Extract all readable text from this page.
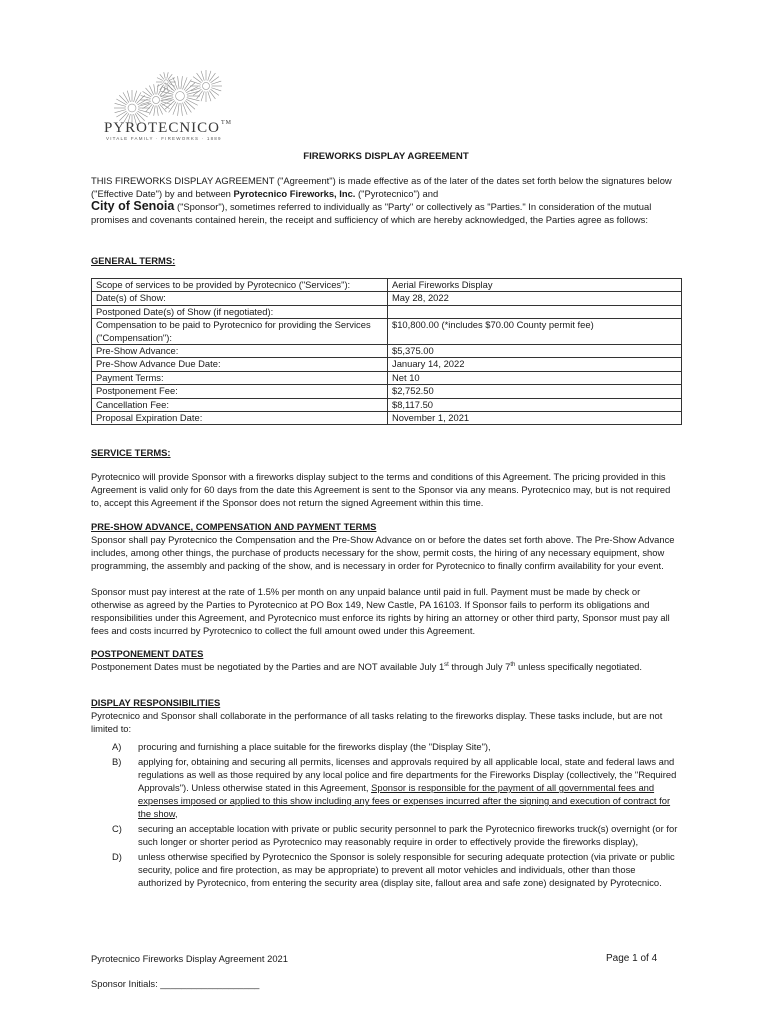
PYROTECNICO™
VITALE FAMILY · FIREWORKS · 1889

FIREWORKS DISPLAY AGREEMENT

THIS FIREWORKS DISPLAY AGREEMENT ("Agreement") is made effective as of the later of the dates set forth below the signatures below ("Effective Date") by and between Pyrotecnico Fireworks, Inc. ("Pyrotecnico") and

City of Senoia ("Sponsor"), sometimes referred to individually as "Party" or collectively as "Parties." In consideration of the mutual promises and covenants contained herein, the receipt and sufficiency of which are hereby acknowledged, the Parties agree as follows:

GENERAL TERMS:

Scope of services to be provided by Pyrotecnico ("Services"):	Aerial Fireworks Display
Date(s) of Show:	May 28, 2022
Postponed Date(s) of Show (if negotiated):	
Compensation to be paid to Pyrotecnico for providing the Services ("Compensation"):	$10,800.00 (*includes $70.00 County permit fee)
Pre-Show Advance:	$5,375.00
Pre-Show Advance Due Date:	January 14, 2022
Payment Terms:	Net 10
Postponement Fee:	$2,752.50
Cancellation Fee:	$8,117.50
Proposal Expiration Date:	November 1, 2021

SERVICE TERMS:

Pyrotecnico will provide Sponsor with a fireworks display subject to the terms and conditions of this Agreement. The pricing provided in this Agreement is valid only for 60 days from the date this Agreement is sent to the Sponsor via any means. Pyrotecnico may, but is not required to, accept this Agreement if the Sponsor does not return the signed Agreement within this time.

PRE-SHOW ADVANCE, COMPENSATION AND PAYMENT TERMS

Sponsor shall pay Pyrotecnico the Compensation and the Pre-Show Advance on or before the dates set forth above. The Pre-Show Advance includes, among other things, the purchase of products necessary for the show, permit costs, the hiring of any necessary equipment, show programming, the assembly and packing of the show, and is necessary in order for Pyrotecnico to finally confirm availability for your event.

Sponsor must pay interest at the rate of 1.5% per month on any unpaid balance until paid in full. Payment must be made by check or otherwise as agreed by the Parties to Pyrotecnico at PO Box 149, New Castle, PA 16103. If Sponsor fails to perform its obligations and responsibilities under this Agreement, and Pyrotecnico must enforce its rights by hiring an attorney or other third party, Sponsor must pay all fees and costs incurred by Pyrotecnico to collect the full amount owed under this Agreement.

POSTPONEMENT DATES

Postponement Dates must be negotiated by the Parties and are NOT available July 1st through July 7th unless specifically negotiated.

DISPLAY RESPONSIBILITIES

Pyrotecnico and Sponsor shall collaborate in the performance of all tasks relating to the fireworks display. These tasks include, but are not limited to:

A) procuring and furnishing a place suitable for the fireworks display (the "Display Site"),
B) applying for, obtaining and securing all permits, licenses and approvals required by all applicable local, state and federal laws and regulations as well as those required by any local police and fire departments for the Fireworks Display (collectively, the "Required Approvals"). Unless otherwise stated in this Agreement, Sponsor is responsible for the payment of all governmental fees and expenses imposed or applied to this show including any fees or expenses incurred after the signing and execution of contract for the show,
C) securing an acceptable location with private or public security personnel to park the Pyrotecnico fireworks truck(s) overnight (or for such longer or shorter period as Pyrotecnico may reasonably require in order to effectively provide the fireworks display),
D) unless otherwise specified by Pyrotecnico the Sponsor is solely responsible for securing adequate protection (via private or public security, police and fire protection, as may be appropriate) to prevent all motor vehicles and individuals, other than those authorized by Pyrotecnico, from entering the security area (display site, fallout area and safe zone) designated by Pyrotecnico.
Pyrotecnico Fireworks Display Agreement 2021	Page 1 of 4
Sponsor Initials: ___________________
